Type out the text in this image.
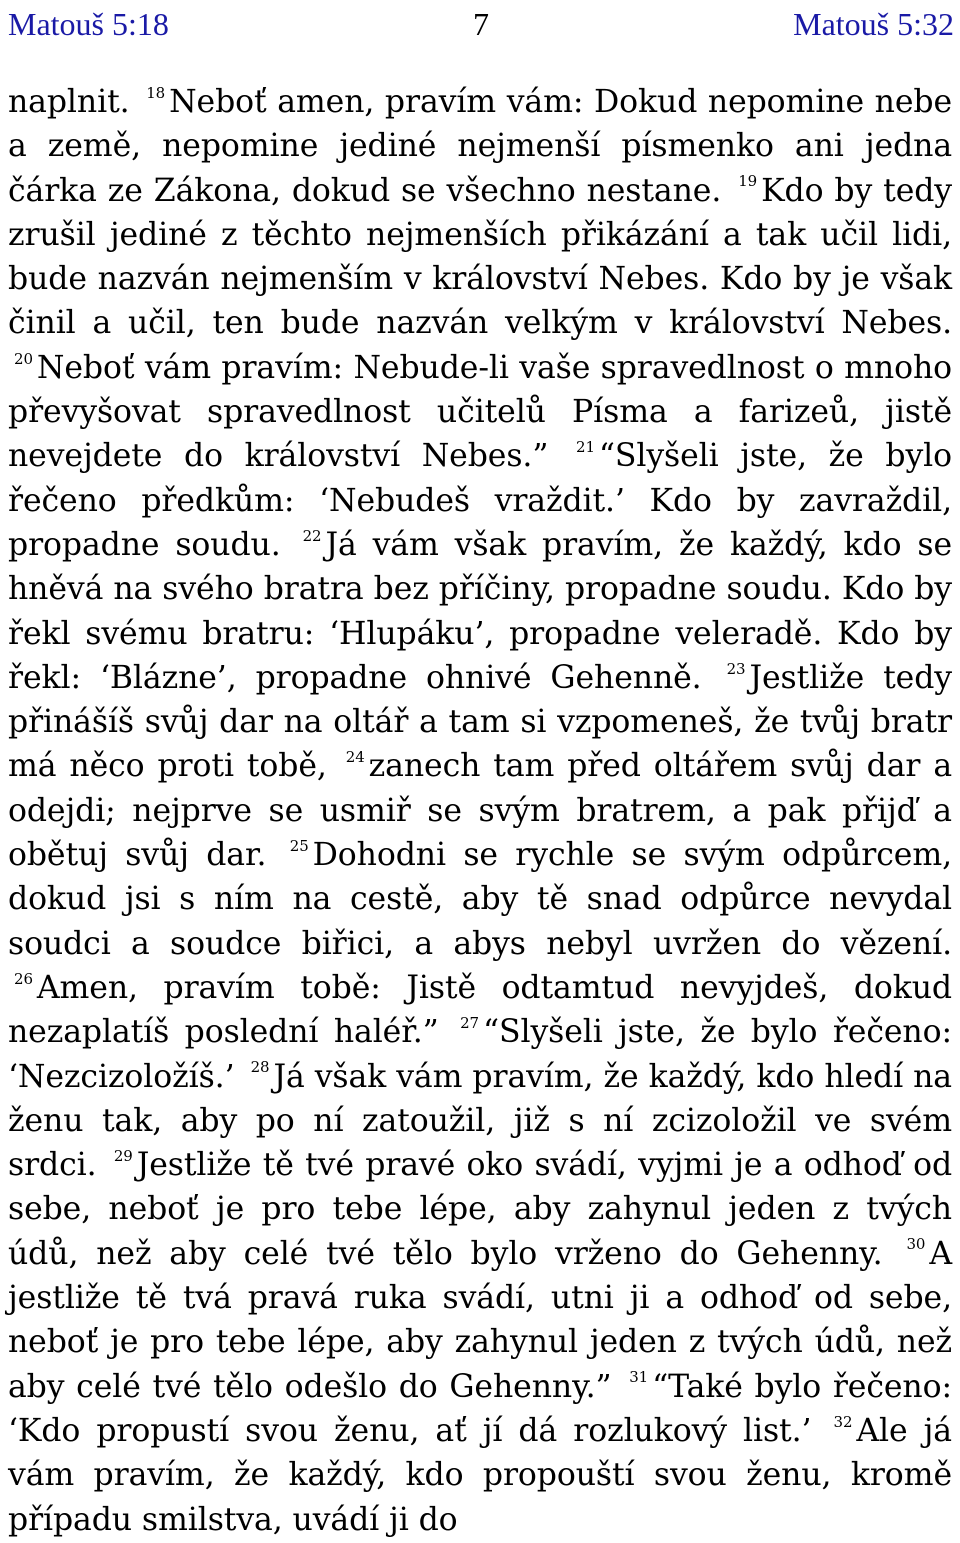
Matouš 5:18	7	Matouš 5:32
naplnit. $^{18}$ Neboť amen, pravím vám: Dokud nepomine nebe a země, nepomine jediné nejmenší písmenko ani jedna čárka ze Zákona, dokud se všechno nestane. $^{19}$ Kdo by tedy zrušil jediné z těchto nejmenších přikázání a tak učil lidi, bude nazván nejmenším v království Nebes. Kdo by je však činil a učil, ten bude nazván velkým v království Nebes. $^{20}$ Neboť vám pravím: Nebude-li vaše spravedlnost o mnoho převyšovat spravedlnost učitelů Písma a farizeů, jistě nevejdete do království Nebes.” $^{21}$ “Slyšeli jste, že bylo řečeno předkům: ‘Nebudeš vraždit.’ Kdo by zavraždil, propadne soudu. $^{22}$ Já vám však pravím, že každý, kdo se hněvá na svého bratra bez příčiny, propadne soudu. Kdo by řekl svému bratru: ‘Hlupáku’, propadne veleradě. Kdo by řekl: ‘Blázne’, propadne ohnivé Gehenně. $^{23}$ Jestliže tedy přinášíš svůj dar na oltář a tam si vzpomeneš, že tvůj bratr má něco proti tobě, $^{24}$ zanech tam před oltářem svůj dar a odejdi; nejprve se usmiř se svým bratrem, a pak přijď a obětuj svůj dar. $^{25}$ Dohodni se rychle se svým odpůrcem, dokud jsi s ním na cestě, aby tě snad odpůrce nevydal soudci a soudce biřici, a abys nebyl uvržen do vězení. $^{26}$ Amen, pravím tobě: Jistě odtamtud nevyjdeš, dokud nezaplatíš poslední haléř.” $^{27}$ “Slyšeli jste, že bylo řečeno: ‘Nezcizoložíš.’ $^{28}$ Já však vám pravím, že každý, kdo hledí na ženu tak, aby po ní zatoužil, již s ní zcizoložil ve svém srdci. $^{29}$ Jestliže tě tvé pravé oko svádí, vyjmi je a odhoď od sebe, neboť je pro tebe lépe, aby zahynul jeden z tvých údů, než aby celé tvé tělo bylo vrženo do Gehenny. $^{30}$ A jestliže tě tvá pravá ruka svádí, utni ji a odhoď od sebe, neboť je pro tebe lépe, aby zahynul jeden z tvých údů, než aby celé tvé tělo odešlo do Gehenny.” $^{31}$ “Také bylo řečeno: ‘Kdo propustí svou ženu, ať jí dá rozlukový list.’ $^{32}$ Ale já vám pravím, že každý, kdo propouští svou ženu, kromě případu smilstva, uvádí ji do
